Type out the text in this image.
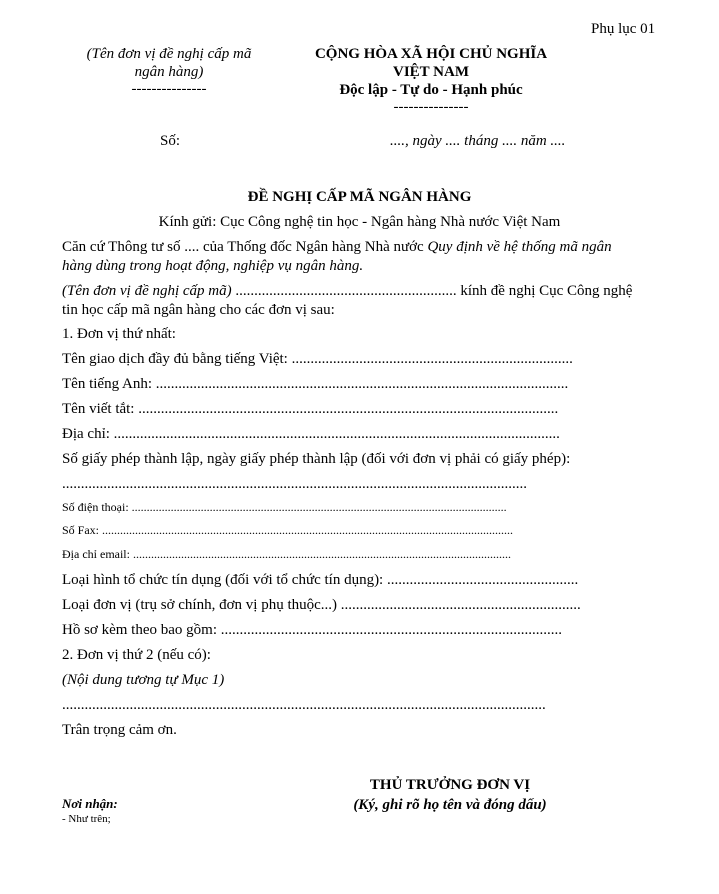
Phụ lục 01
(Tên đơn vị đề nghị cấp mã
ngân hàng)
---------------
CỘNG HÒA XÃ HỘI CHỦ NGHĨA
VIỆT NAM
Độc lập - Tự do - Hạnh phúc
---------------
Số:	...., ngày .... tháng .... năm ....
ĐỀ NGHỊ CẤP MÃ NGÂN HÀNG
Kính gửi: Cục Công nghệ tin học - Ngân hàng Nhà nước Việt Nam
Căn cứ Thông tư số .... của Thống đốc Ngân hàng Nhà nước Quy định về hệ thống mã ngân
hàng dùng trong hoạt động, nghiệp vụ ngân hàng.
(Tên đơn vị đề nghị cấp mã) ........................................................... kính đề nghị Cục Công nghệ
tin học cấp mã ngân hàng cho các đơn vị sau:
1. Đơn vị thứ nhất:
Tên giao dịch đầy đủ bằng tiếng Việt: ...........................................................................
Tên tiếng Anh: ..............................................................................................................
Tên viết tắt: ................................................................................................................
Địa chỉ: .......................................................................................................................
Số giấy phép thành lập, ngày giấy phép thành lập (đối với đơn vị phải có giấy phép):
............................................................................................................................
Số điện thoại: .............................................................................................................................
Số Fax: .........................................................................................................................................
Địa chỉ email: ..............................................................................................................................
Loại hình tổ chức tín dụng (đối với tổ chức tín dụng): ...................................................
Loại đơn vị (trụ sở chính, đơn vị phụ thuộc...) ................................................................
Hồ sơ kèm theo bao gồm: ...........................................................................................
2. Đơn vị thứ 2 (nếu có):
(Nội dung tương tự Mục 1)
.................................................................................................................................
Trân trọng cảm ơn.
THỦ TRƯỞNG ĐƠN VỊ
(Ký, ghi rõ họ tên và đóng dấu)
Nơi nhận:
- Như trên;
